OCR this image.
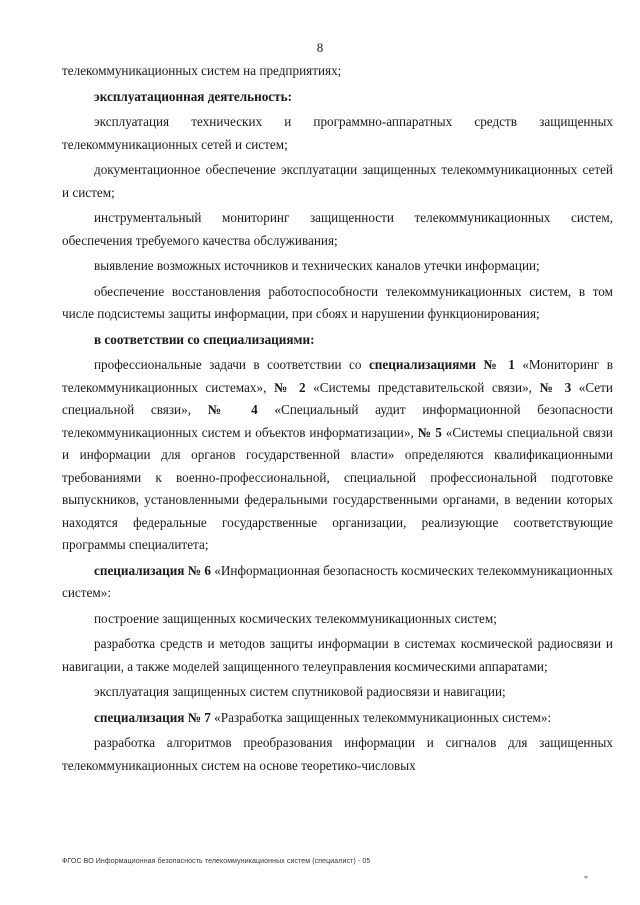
8

телекоммуникационных систем на предприятиях;

эксплуатационная деятельность:

эксплуатация технических и программно-аппаратных средств защищенных телекоммуникационных сетей и систем;

документационное обеспечение эксплуатации защищенных телекоммуникационных сетей и систем;

инструментальный мониторинг защищенности телекоммуникационных систем, обеспечения требуемого качества обслуживания;

выявление возможных источников и технических каналов утечки информации;

обеспечение восстановления работоспособности телекоммуникационных систем, в том числе подсистемы защиты информации, при сбоях и нарушении функционирования;

в соответствии со специализациями:

профессиональные задачи в соответствии со специализациями № 1 «Мониторинг в телекоммуникационных системах», № 2 «Системы представительской связи», № 3 «Сети специальной связи», № 4 «Специальный аудит информационной безопасности телекоммуникационных систем и объектов информатизации», № 5 «Системы специальной связи и информации для органов государственной власти» определяются квалификационными требованиями к военно-профессиональной, специальной профессиональной подготовке выпускников, установленными федеральными государственными органами, в ведении которых находятся федеральные государственные организации, реализующие соответствующие программы специалитета;

специализация № 6 «Информационная безопасность космических телекоммуникационных систем»:

построение защищенных космических телекоммуникационных систем;

разработка средств и методов защиты информации в системах космической радиосвязи и навигации, а также моделей защищенного телеуправления космическими аппаратами;

эксплуатация защищенных систем спутниковой радиосвязи и навигации;

специализация № 7 «Разработка защищенных телекоммуникационных систем»:

разработка алгоритмов преобразования информации и сигналов для защищенных телекоммуникационных систем на основе теоретико-числовых

ФГОС ВО Информационная безопасность телекоммуникационных систем (специалист) - 05
*
